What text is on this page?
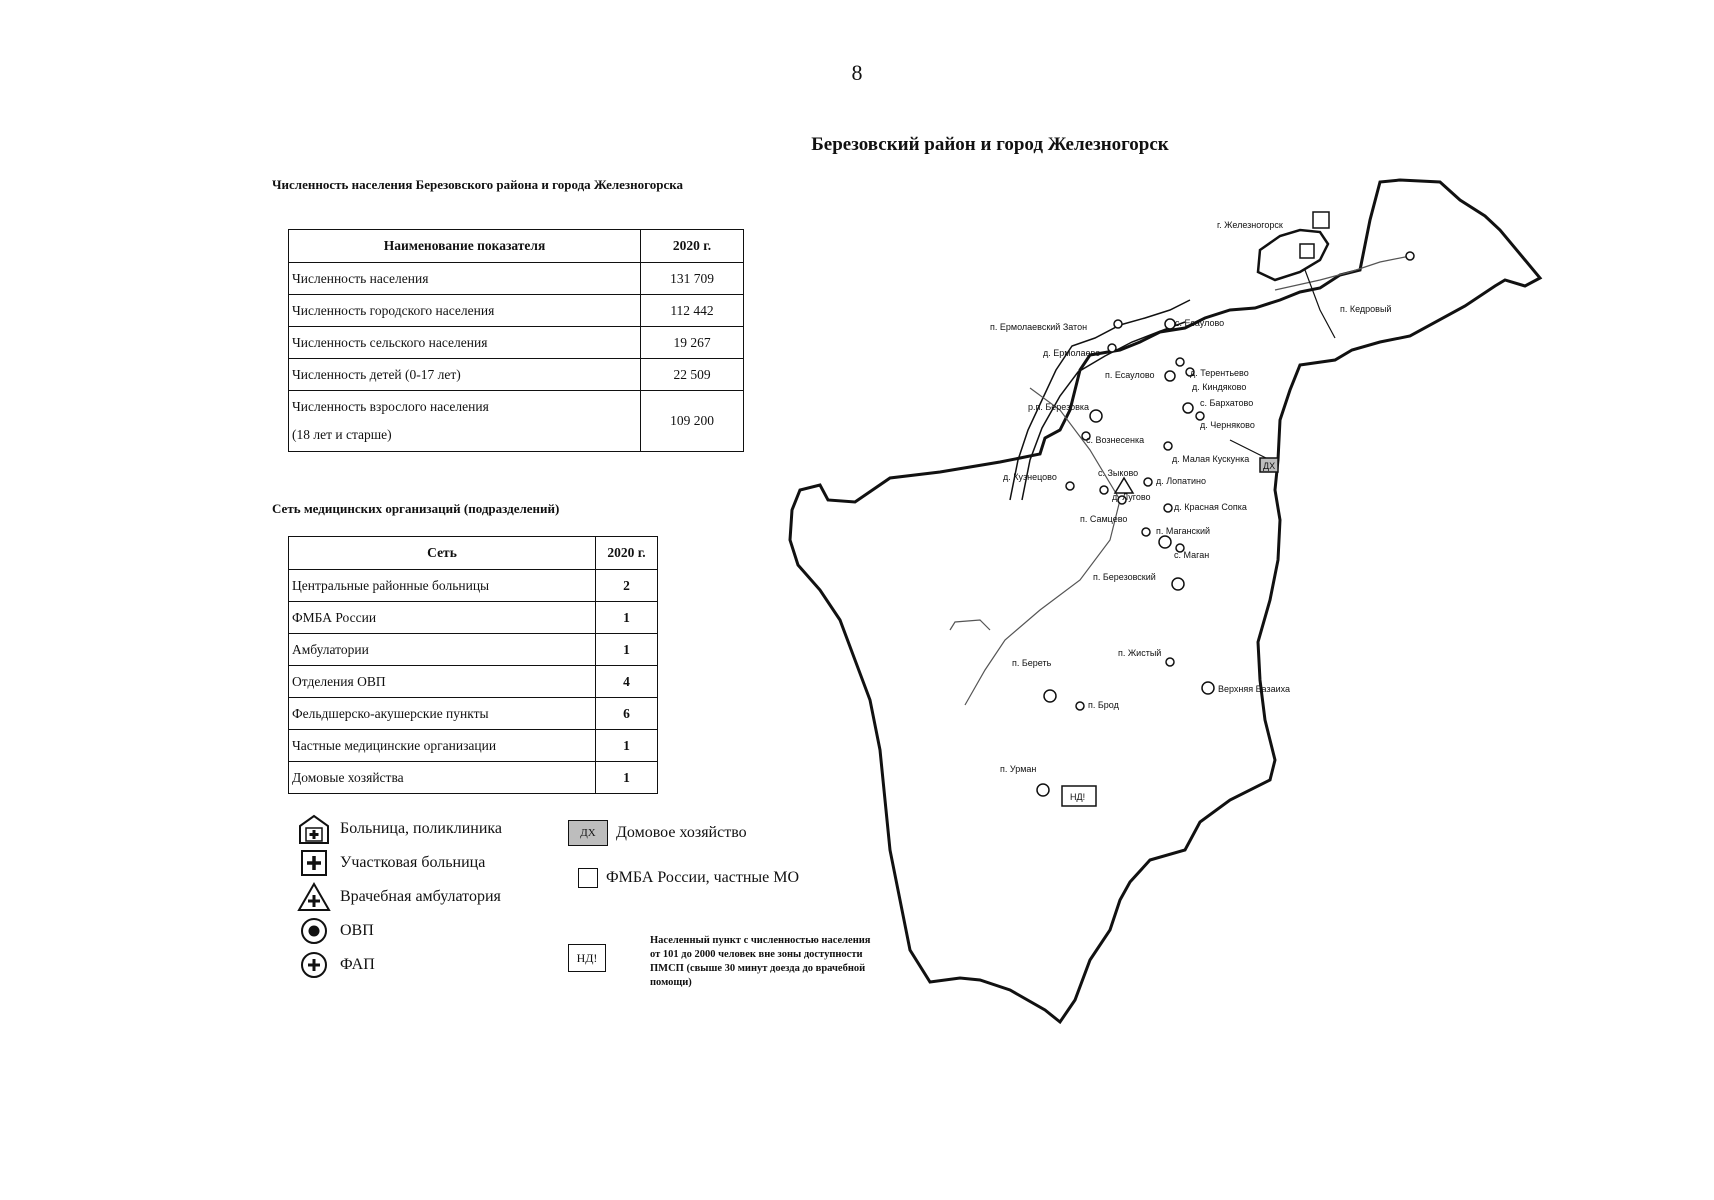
8
Березовский район и город Железногорск
Численность населения Березовского района и города Железногорска
Наименование показателя	2020 г.
Численность населения	131 709
Численность городского населения	112 442
Численность сельского населения	19 267
Численность детей (0-17 лет)	22 509

Численность взрослого населения
(18 лет и старше)	109 200
Сеть медицинских организаций (подразделений)
Сеть	2020 г.
Центральные районные больницы	2
ФМБА России	1
Амбулатории	1
Отделения ОВП	4
Фельдшерско-акушерские пункты	6
Частные медицинские организации	1
Домовые хозяйства	1
Больница, поликлиника
Участковая больница
Врачебная амбулатория
ОВП
ФАП
ДХ	Домовое хозяйство
ФМБА России, частные МО
НД!
Населенный пункт с численностью населения от 101 до 2000 человек вне зоны доступности ПМСП (свыше 30 минут доезда до врачебной помощи)
ДХ
НД!
г. Железногорск
п. Кедровый
п. Ермолаевский Затон	с. Есаулово
д. Ермолаево
д. Терентьево
п. Есаулово
д. Киндяково
с. Бархатово
р.п. Березовка
д. Черняково
с. Вознесенка
д. Малая Кускунка
д. Кузнецово	с. Зыково
д. Лопатино
д. Лугово
д. Красная Сопка
п. Самцево
п. Маганский
с. Маган
п. Березовский
п. Береть
п. Жистый
Верхняя Базаиха
п. Брод
п. Урман
